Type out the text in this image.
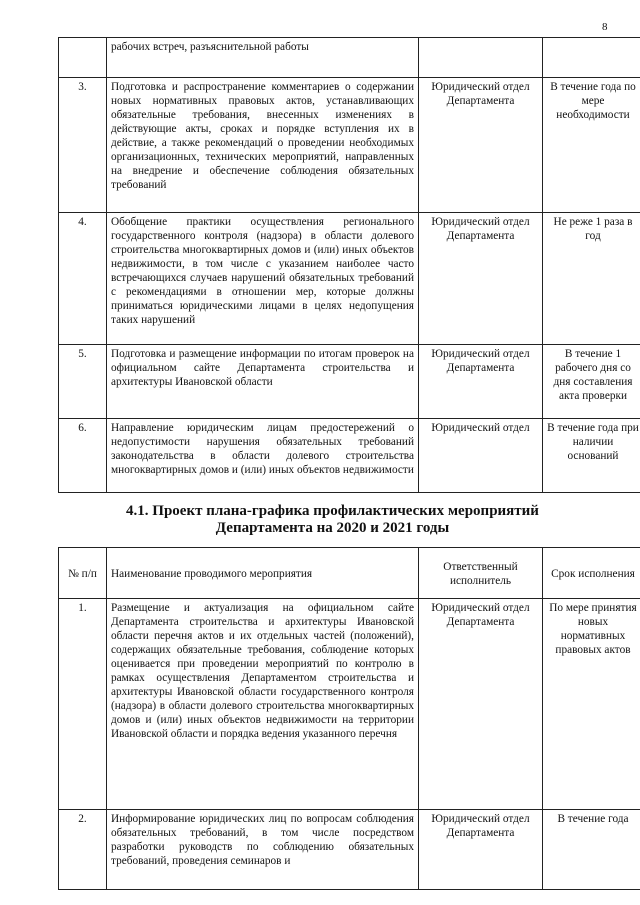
8
	рабочих встреч, разъяснительной работы		
3.	Подготовка и распространение комментариев о содержании новых нормативных правовых актов, устанавливающих обязательные требования, внесенных изменениях в действующие акты, сроках и порядке вступления их в действие, а также рекомендаций о проведении необходимых организационных, технических мероприятий, направленных на внедрение и обеспечение соблюдения обязательных требований	Юридический отдел Департамента	В течение года по мере необходимости
4.	Обобщение практики осуществления регионального государственного контроля (надзора) в области долевого строительства многоквартирных домов и (или) иных объектов недвижимости, в том числе с указанием наиболее часто встречающихся случаев нарушений обязательных требований с рекомендациями в отношении мер, которые должны приниматься юридическими лицами в целях недопущения таких нарушений	Юридический отдел Департамента	Не реже 1 раза в год
5.	Подготовка и размещение информации по итогам проверок на официальном сайте Департамента строительства и архитектуры Ивановской области	Юридический отдел Департамента	В течение 1 рабочего дня со дня составления акта проверки
6.	Направление юридическим лицам предостережений о недопустимости нарушения обязательных требований законодательства в области долевого строительства многоквартирных домов и (или) иных объектов недвижимости	Юридический отдел	В течение года при наличии оснований
4.1. Проект плана-графика профилактических мероприятий
Департамента на 2020 и 2021 годы
№ п/п	Наименование проводимого мероприятия	Ответственный исполнитель	Срок исполнения
1.	Размещение и актуализация на официальном сайте Департамента строительства и архитектуры Ивановской области перечня актов и их отдельных частей (положений), содержащих обязательные требования, соблюдение которых оценивается при проведении мероприятий по контролю в рамках осуществления Департаментом строительства и архитектуры Ивановской области государственного контроля (надзора) в области долевого строительства многоквартирных домов и (или) иных объектов недвижимости на территории Ивановской области и порядка ведения указанного перечня	Юридический отдел Департамента	По мере принятия новых нормативных правовых актов
2.	Информирование юридических лиц по вопросам соблюдения обязательных требований, в том числе посредством разработки руководств по соблюдению обязательных требований, проведения семинаров и	Юридический отдел Департамента	В течение года
